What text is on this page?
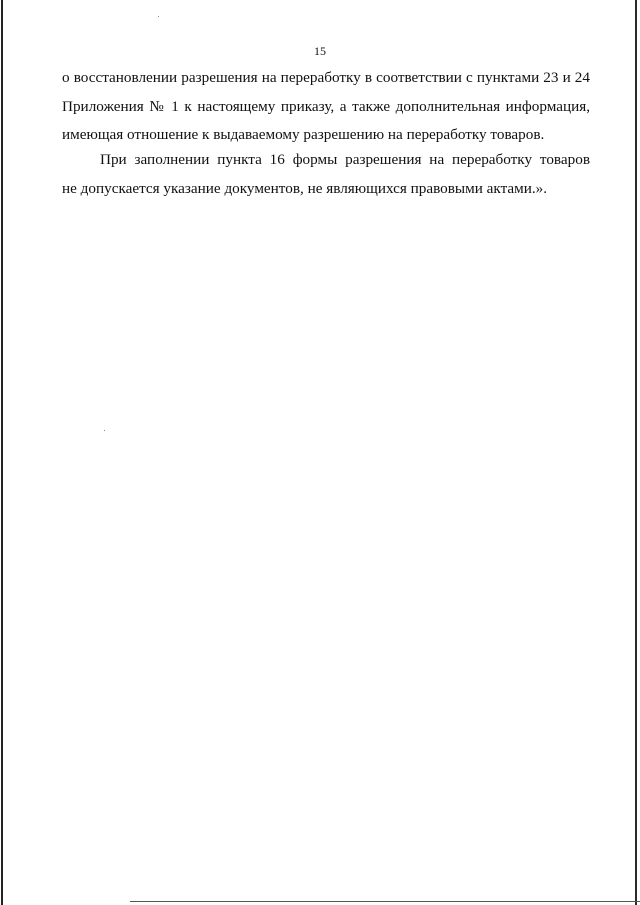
15
о восстановлении разрешения на переработку в соответствии с пунктами 23 и 24
Приложения № 1 к настоящему приказу, а также дополнительная информация,
имеющая отношение к выдаваемому разрешению на переработку товаров.
При заполнении пункта 16 формы разрешения на переработку товаров
не допускается указание документов, не являющихся правовыми актами.».
